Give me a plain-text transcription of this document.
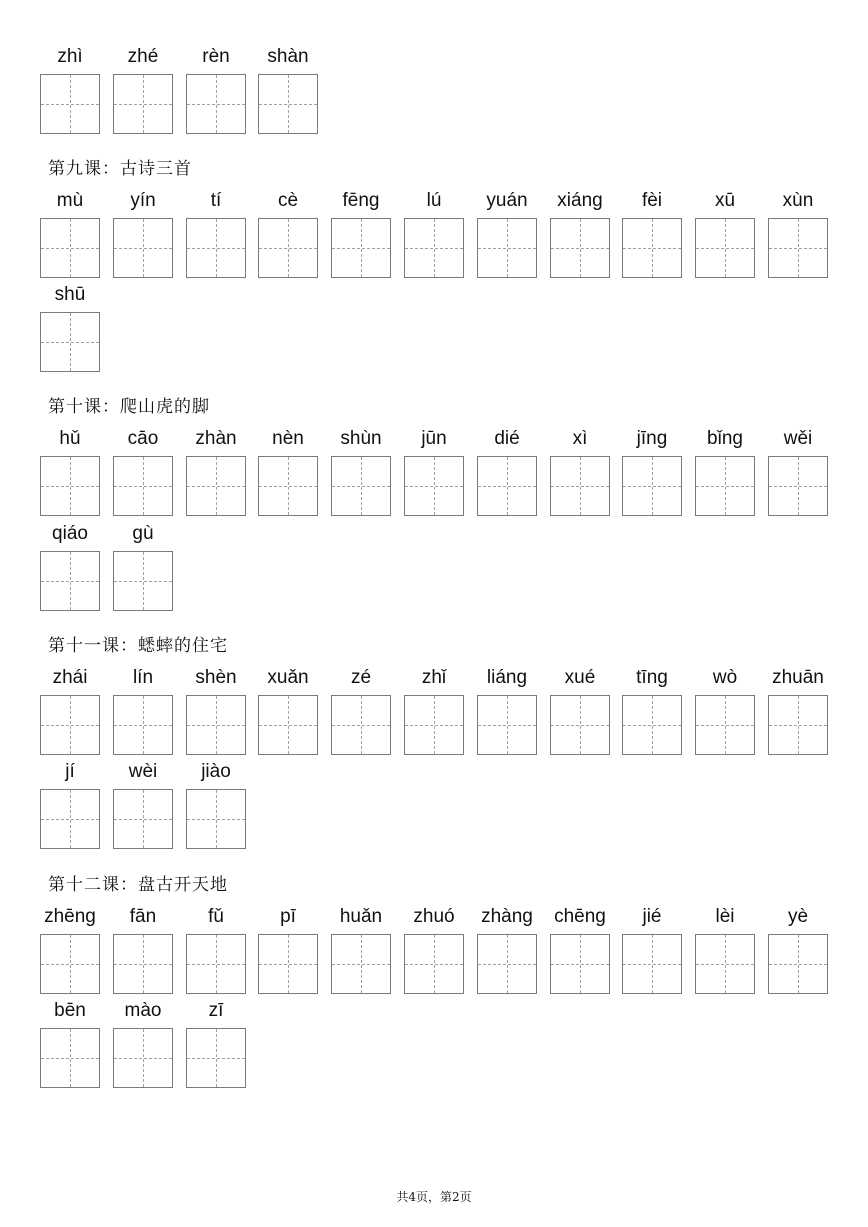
zhì	zhé	rèn	shàn
第九课：古诗三首
mù	yín	tí	cè	fēng	lú	yuán	xiáng	fèi	xū	xùn
shū
第十课：爬山虎的脚
hǔ	cāo	zhàn	nèn	shùn	jūn	dié	xì	jīng	bǐng	wěi
qiáo	gù
第十一课：蟋蟀的住宅
zhái	lín	shèn	xuǎn	zé	zhǐ	liáng	xué	tīng	wò	zhuān
jí	wèi	jiào
第十二课：盘古开天地
zhēng	fān	fǔ	pī	huǎn	zhuó	zhàng	chēng	jié	lèi	yè
bēn	mào	zī
共4页，第2页
